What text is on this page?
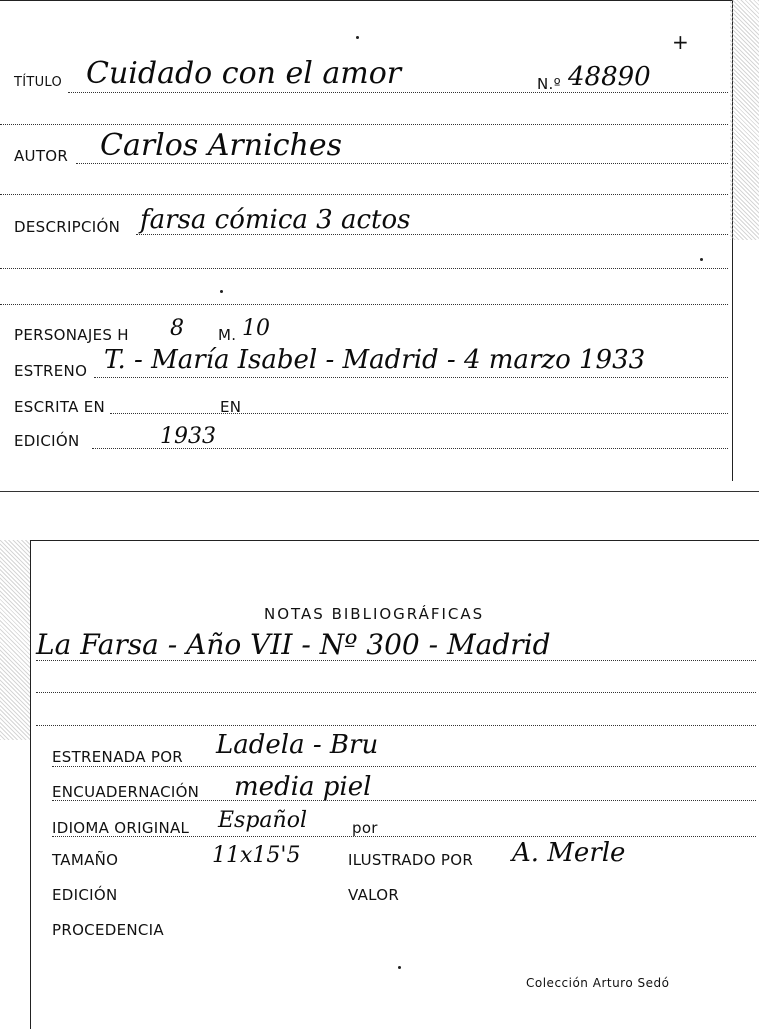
+
TÍTULO Cuidado con el amor	N.º 48890
AUTOR Carlos Arniches
DESCRIPCIÓN farsa cómica 3 actos
PERSONAJES H 8 M. 10
ESTRENO T. - María Isabel - Madrid - 4 marzo 1933
ESCRITA EN	EN
EDICIÓN	1933
NOTAS BIBLIOGRÁFICAS
La Farsa - Año VII - Nº 300 - Madrid
ESTRENADA POR Ladela - Bru
ENCUADERNACIÓN media piel
IDIOMA ORIGINAL Español	por
TAMAÑO	11x15'5	ILUSTRADO POR A. Merle
EDICIÓN	VALOR
PROCEDENCIA
Colección Arturo Sedó
